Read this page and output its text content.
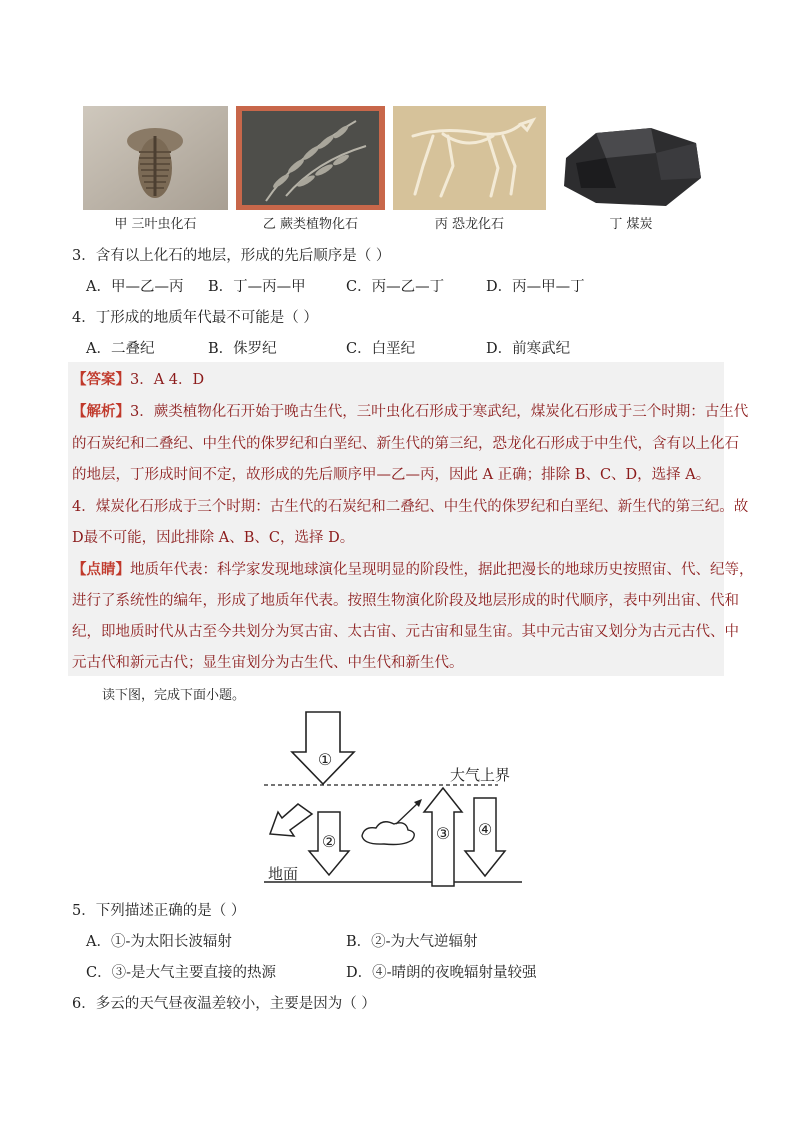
甲 三叶虫化石	乙 蕨类植物化石	丙 恐龙化石	丁 煤炭
3．含有以上化石的地层，形成的先后顺序是（ ）
A．甲—乙—丙 B．丁—丙—甲	C．丙—乙—丁	D．丙—甲—丁
4．丁形成的地质年代最不可能是（ ）
A．二叠纪	B．侏罗纪	C．白垩纪	D．前寒武纪
【答案】3．A 4．D
【解析】3．蕨类植物化石开始于晚古生代，三叶虫化石形成于寒武纪，煤炭化石形成于三个时期：古生代
的石炭纪和二叠纪、中生代的侏罗纪和白垩纪、新生代的第三纪，恐龙化石形成于中生代，含有以上化石
的地层，丁形成时间不定，故形成的先后顺序甲—乙—丙，因此 A 正确；排除 B、C、D，选择 A。
4．煤炭化石形成于三个时期：古生代的石炭纪和二叠纪、中生代的侏罗纪和白垩纪、新生代的第三纪。故
D最不可能，因此排除 A、B、C，选择 D。
【点睛】地质年代表：科学家发现地球演化呈现明显的阶段性，据此把漫长的地球历史按照宙、代、纪等，
进行了系统性的编年，形成了地质年代表。按照生物演化阶段及地层形成的时代顺序，表中列出宙、代和
纪，即地质时代从古至今共划分为冥古宙、太古宙、元古宙和显生宙。其中元古宙又划分为古元古代、中
元古代和新元古代；显生宙划分为古生代、中生代和新生代。
读下图，完成下面小题。
①
②	③ ④
大气上界
地面
5．下列描述正确的是（ ）
A．①-为太阳长波辐射	B．②-为大气逆辐射
C．③-是大气主要直接的热源	D．④-晴朗的夜晚辐射量较强
6．多云的天气昼夜温差较小，主要是因为（ ）
